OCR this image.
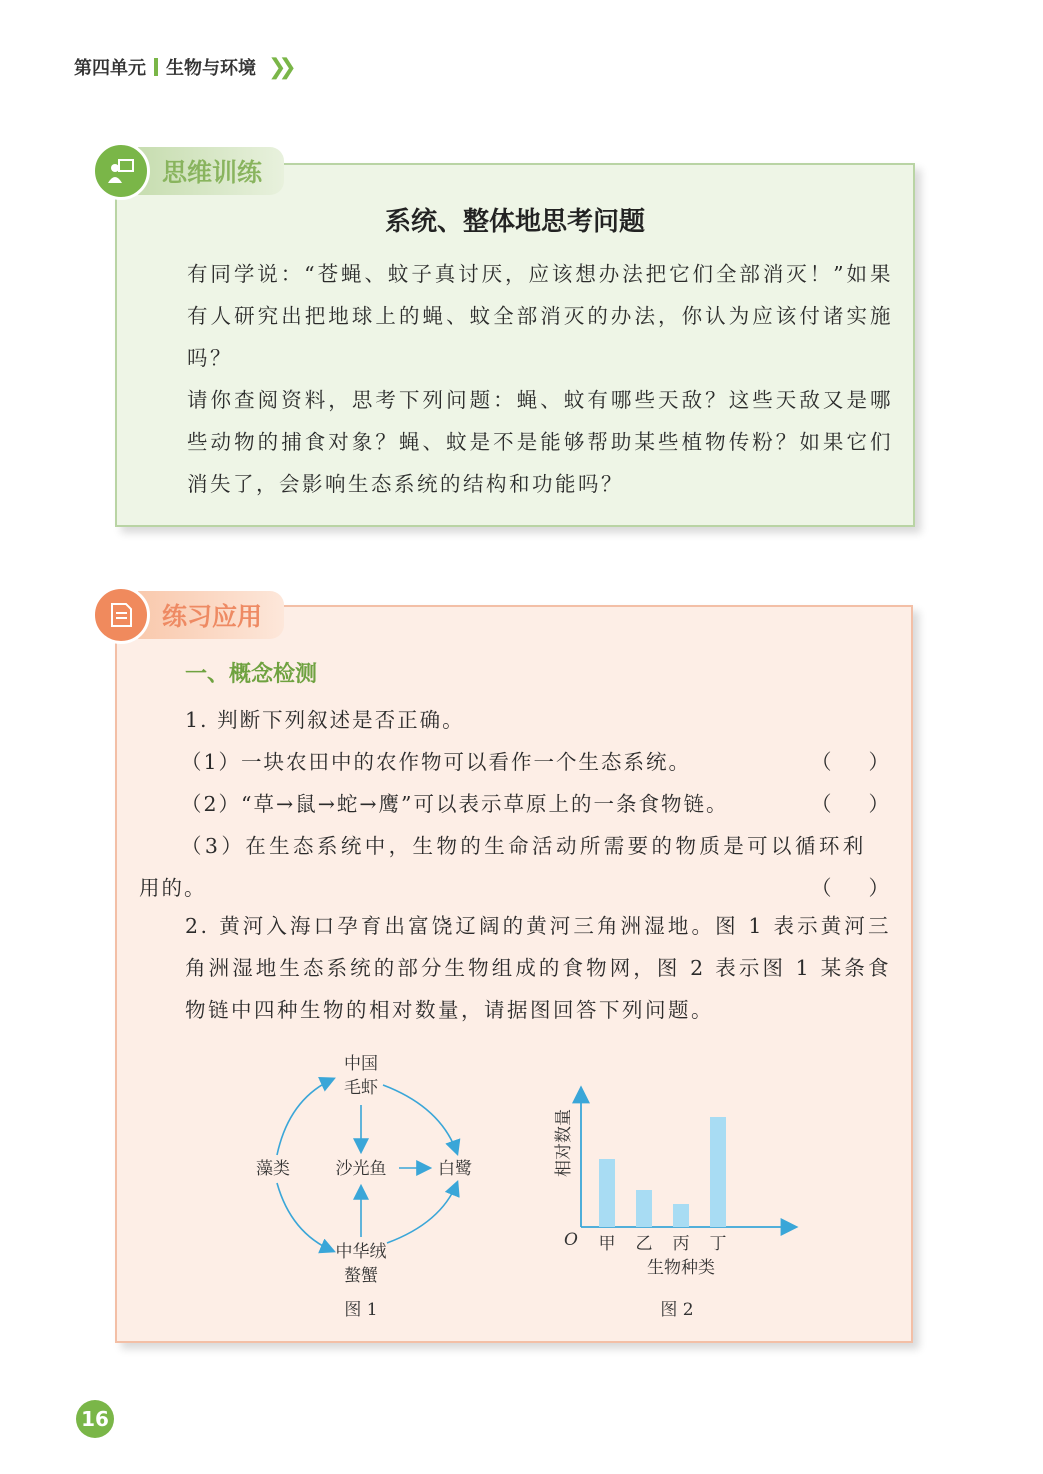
第四单元 生物与环境 ❯❯
系统、整体地思考问题
有同学说：“苍蝇、蚊子真讨厌，应该想办法把它们全部消灭！”如果有人研究出把地球上的蝇、蚊全部消灭的办法，你认为应该付诸实施吗？
请你查阅资料，思考下列问题：蝇、蚊有哪些天敌？这些天敌又是哪些动物的捕食对象？蝇、蚊是不是能够帮助某些植物传粉？如果它们消失了，会影响生态系统的结构和功能吗？
思维训练
一、概念检测
1. 判断下列叙述是否正确。
（1）一块农田中的农作物可以看作一个生态系统。	（ ）
（2）“草→鼠→蛇→鹰”可以表示草原上的一条食物链。	（ ）
（3）在生态系统中，生物的生命活动所需要的物质是可以循环利
用的。	（ ）
2. 黄河入海口孕育出富饶辽阔的黄河三角洲湿地。图 1 表示黄河三角洲湿地生态系统的部分生物组成的食物网，图 2 表示图 1 某条食物链中四种生物的相对数量，请据图回答下列问题。
中国
毛虾
藻类	沙光鱼	白鹭
中华绒
螯蟹
图 1
O
相对数量
甲 乙 丙 丁
生物种类
图 2
练习应用
16
